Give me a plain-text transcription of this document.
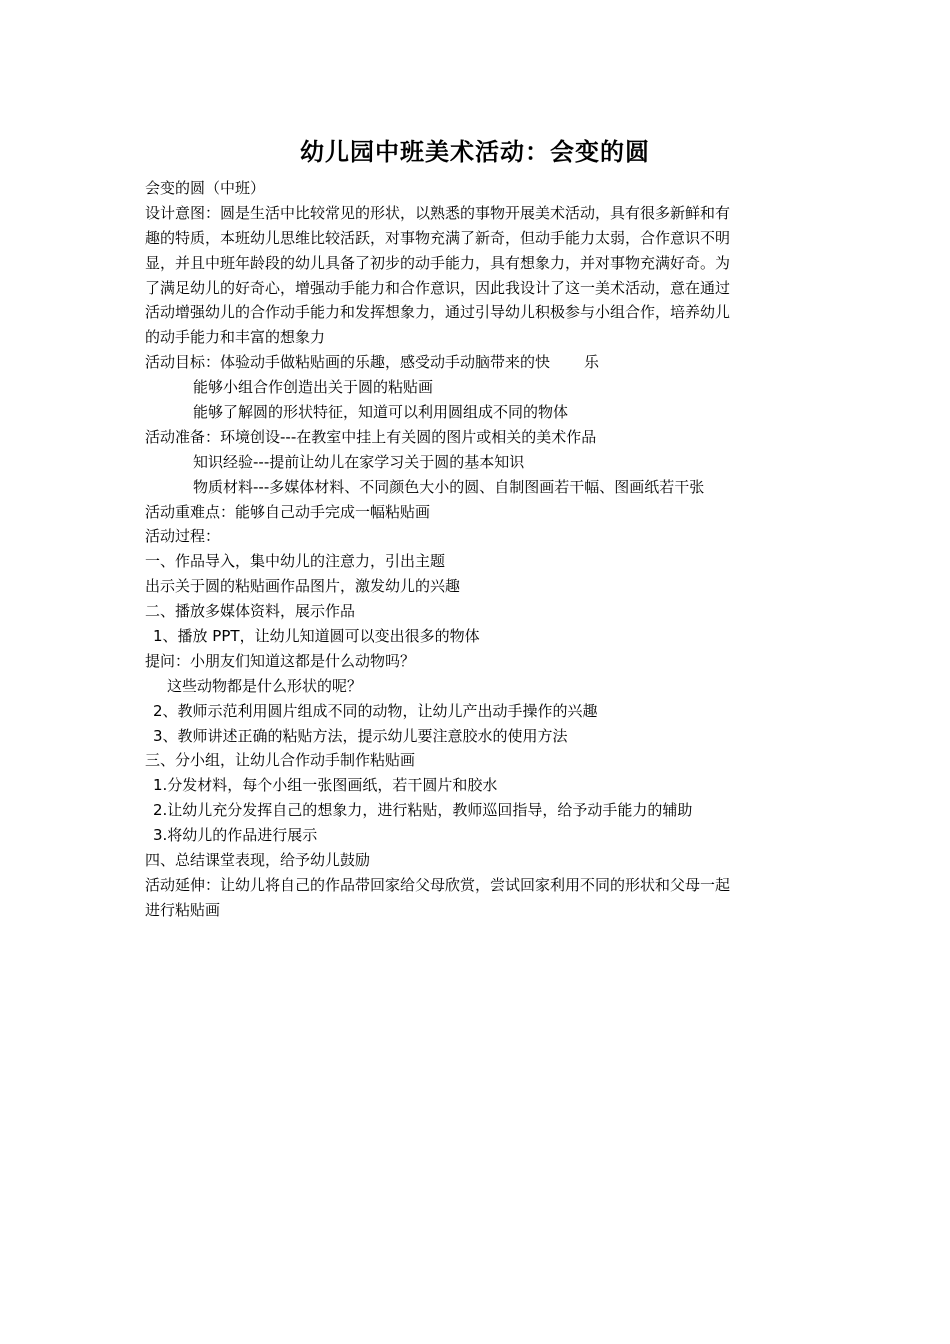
幼儿园中班美术活动：会变的圆
会变的圆（中班）
设计意图：圆是生活中比较常见的形状，以熟悉的事物开展美术活动，具有很多新鲜和有
趣的特质，本班幼儿思维比较活跃，对事物充满了新奇，但动手能力太弱，合作意识不明
显，并且中班年龄段的幼儿具备了初步的动手能力，具有想象力，并对事物充满好奇。为
了满足幼儿的好奇心，增强动手能力和合作意识，因此我设计了这一美术活动，意在通过
活动增强幼儿的合作动手能力和发挥想象力，通过引导幼儿积极参与小组合作，培养幼儿
的动手能力和丰富的想象力
活动目标：体验动手做粘贴画的乐趣，感受动手动脑带来的快 乐
能够小组合作创造出关于圆的粘贴画
能够了解圆的形状特征，知道可以利用圆组成不同的物体
活动准备：环境创设---在教室中挂上有关圆的图片或相关的美术作品
知识经验---提前让幼儿在家学习关于圆的基本知识
物质材料---多媒体材料、不同颜色大小的圆、自制图画若干幅、图画纸若干张
活动重难点：能够自己动手完成一幅粘贴画
活动过程：
一、作品导入，集中幼儿的注意力，引出主题
出示关于圆的粘贴画作品图片，激发幼儿的兴趣
二、播放多媒体资料，展示作品
1、播放 PPT，让幼儿知道圆可以变出很多的物体
提问：小朋友们知道这都是什么动物吗？
这些动物都是什么形状的呢？
2、教师示范利用圆片组成不同的动物，让幼儿产出动手操作的兴趣
3、教师讲述正确的粘贴方法，提示幼儿要注意胶水的使用方法
三、分小组，让幼儿合作动手制作粘贴画
1.分发材料，每个小组一张图画纸，若干圆片和胶水
2.让幼儿充分发挥自己的想象力，进行粘贴，教师巡回指导，给予动手能力的辅助
3.将幼儿的作品进行展示
四、总结课堂表现，给予幼儿鼓励
活动延伸：让幼儿将自己的作品带回家给父母欣赏，尝试回家利用不同的形状和父母一起
进行粘贴画
